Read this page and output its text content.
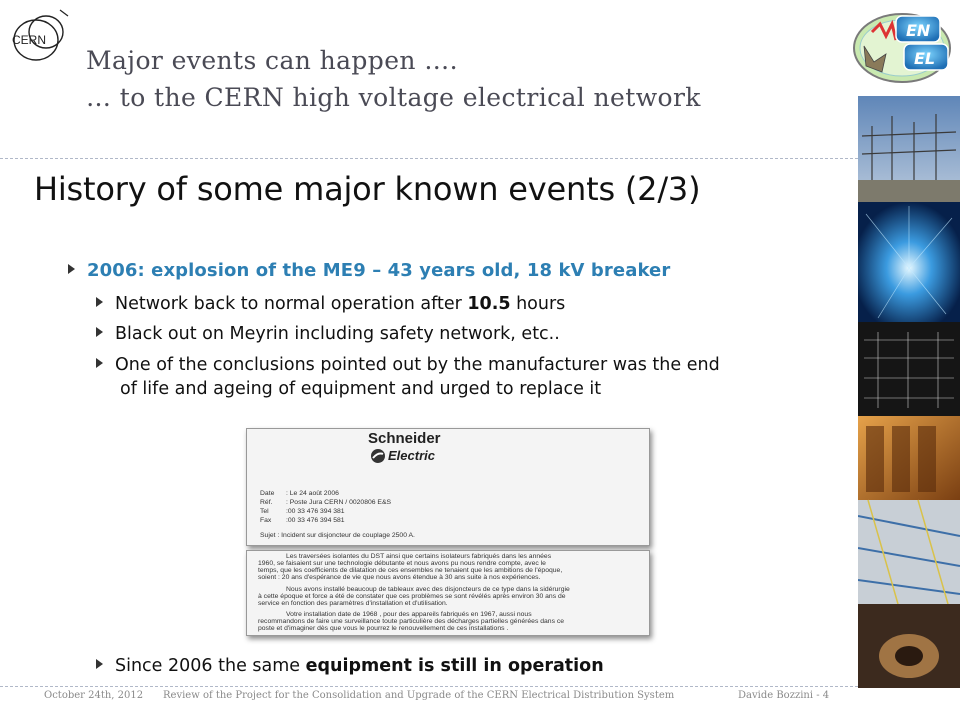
CERN	EN
EL
Major events can happen ….
… to the CERN high voltage electrical network
History of some major known events (2/3)
2006: explosion of the ME9 – 43 years old, 18 kV breaker
Network back to normal operation after 10.5 hours
Black out on Meyrin including safety network, etc..
One of the conclusions pointed out by the manufacturer was the end
of life and ageing of equipment and urged to replace it
Schneider
Electric
Date : Le 24 août 2006
Réf. : Poste Jura CERN / 0020806 E&S
Tel	:00 33 476 394 381
Fax :00 33 476 394 581
Sujet : Incident sur disjoncteur de couplage 2500 A.
Les traversées isolantes du DST ainsi que certains isolateurs fabriqués dans les années
1960, se faisaient sur une technologie débutante et nous avons pu nous rendre compte, avec le
temps, que les coefficients de dilatation de ces ensembles ne tenaient que les ambitions de l'époque,
soient : 20 ans d'espérance de vie que nous avons étendue à 30 ans suite à nos expériences.
Nous avons installé beaucoup de tableaux avec des disjoncteurs de ce type dans la sidérurgie
à cette époque et force a été de constater que ces problèmes se sont révélés après environ 30 ans de
service en fonction des paramètres d'installation et d'utilisation.
Votre installation date de 1968 , pour des appareils fabriqués en 1967, aussi nous
recommandons de faire une surveillance toute particulière des décharges partielles générées dans ce
poste et d'imaginer dès que vous le pourrez le renouvellement de ces installations .
Since 2006 the same equipment is still in operation
October 24th, 2012 Review of the Project for the Consolidation and Upgrade of the CERN Electrical Distribution System	Davide Bozzini - 4
